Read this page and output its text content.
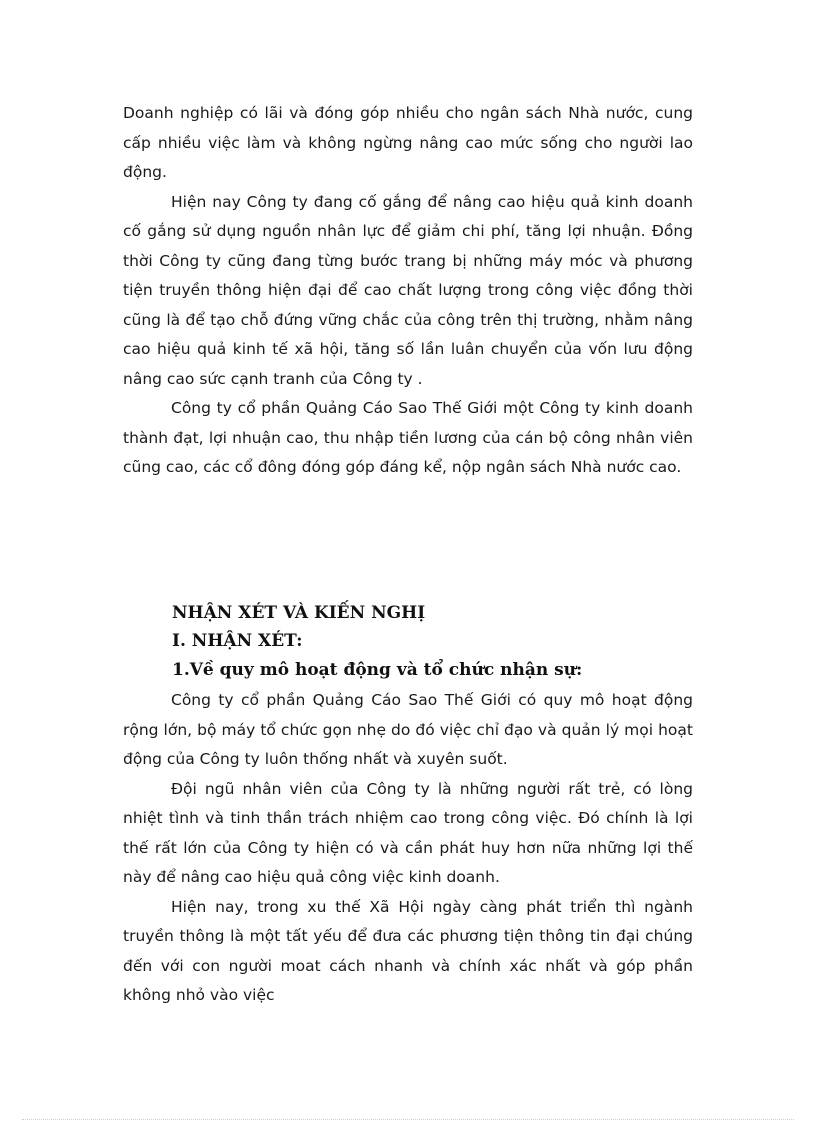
Doanh nghiệp có lãi và đóng góp nhiều cho ngân sách Nhà nước, cung cấp nhiều việc làm và không ngừng nâng cao mức sống cho người lao động.

Hiện nay Công ty đang cố gắng để nâng cao hiệu quả kinh doanh cố gắng sử dụng nguồn nhân lực để giảm chi phí, tăng lợi nhuận. Đồng thời Công ty cũng đang từng bước trang bị những máy móc và phương tiện truyền thông hiện đại để cao chất lượng trong công việc đồng thời cũng là để tạo chỗ đứng vững chắc của công trên thị trường, nhằm nâng cao hiệu quả kinh tế xã hội, tăng số lần luân chuyển của vốn lưu động nâng cao sức cạnh tranh của Công ty .

Công ty cổ phần Quảng Cáo Sao Thế Giới một Công ty kinh doanh thành đạt, lợi nhuận cao, thu nhập tiền lương của cán bộ công nhân viên cũng cao, các cổ đông đóng góp đáng kể, nộp ngân sách Nhà nước cao.

NHẬN XÉT VÀ KIẾN NGHỊ

I. NHẬN XÉT:

1.Về quy mô hoạt động và tổ chức nhận sự:

Công ty cổ phần Quảng Cáo Sao Thế Giới có quy mô hoạt động rộng lớn, bộ máy tổ chức gọn nhẹ do đó việc chỉ đạo và quản lý mọi hoạt động của Công ty luôn thống nhất và xuyên suốt.

Đội ngũ nhân viên của Công ty là những người rất trẻ, có lòng nhiệt tình và tinh thần trách nhiệm cao trong công việc. Đó chính là lợi thế rất lớn của Công ty hiện có và cần phát huy hơn nữa những lợi thế này để nâng cao hiệu quả công việc kinh doanh.

Hiện nay, trong xu thế Xã Hội ngày càng phát triển thì ngành truyền thông là một tất yếu để đưa các phương tiện thông tin đại chúng đến với con người moat cách nhanh và chính xác nhất và góp phần không nhỏ vào việc
